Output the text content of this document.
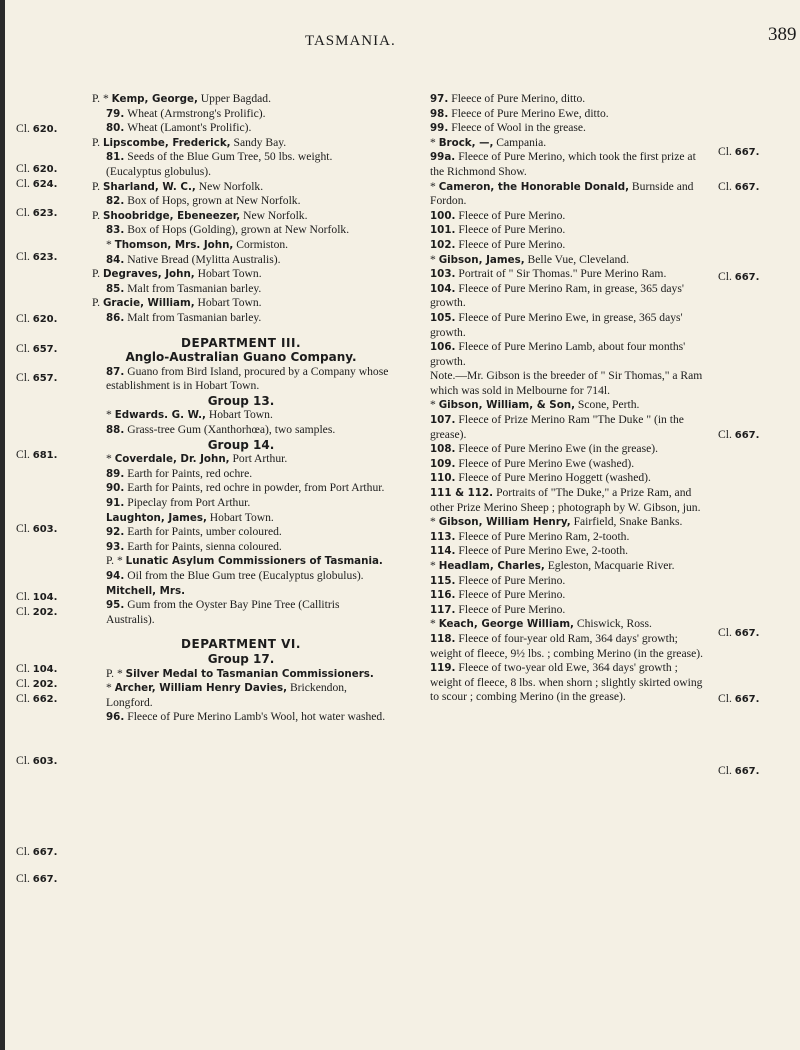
TASMANIA.	389
Cl. 620.
Cl. 620.
Cl. 624.
Cl. 623.
Cl. 623.
Cl. 620.
Cl. 657.
Cl. 657.
Cl. 681.
Cl. 603.
Cl. 104.
Cl. 202.
Cl. 104.
Cl. 202.
Cl. 662.
Cl. 603.
Cl. 667.
Cl. 667.
Cl. 667.
Cl. 667.
Cl. 667.
Cl. 667.
Cl. 667.
Cl. 667.
Cl. 667.

P. * Kemp, George, Upper Bagdad.

79. Wheat (Armstrong's Prolific).

80. Wheat (Lamont's Prolific).

P. Lipscombe, Frederick, Sandy Bay.

81. Seeds of the Blue Gum Tree, 50 lbs. weight. (Eucalyptus globulus).

P. Sharland, W. C., New Norfolk.

82. Box of Hops, grown at New Norfolk.

P. Shoobridge, Ebeneezer, New Norfolk.

83. Box of Hops (Golding), grown at New Norfolk.

* Thomson, Mrs. John, Cormiston.

84. Native Bread (Mylitta Australis).

P. Degraves, John, Hobart Town.

85. Malt from Tasmanian barley.

P. Gracie, William, Hobart Town.

86. Malt from Tasmanian barley.

DEPARTMENT III.
Anglo-Australian Guano Company.

87. Guano from Bird Island, procured by a Company whose establishment is in Hobart Town.

Group 13.

* Edwards. G. W., Hobart Town.

88. Grass-tree Gum (Xanthorhœa), two samples.

Group 14.

* Coverdale, Dr. John, Port Arthur.

89. Earth for Paints, red ochre.

90. Earth for Paints, red ochre in powder, from Port Arthur.

91. Pipeclay from Port Arthur.

Laughton, James, Hobart Town.

92. Earth for Paints, umber coloured.

93. Earth for Paints, sienna coloured.

P. * Lunatic Asylum Commissioners of Tasmania.

94. Oil from the Blue Gum tree (Eucalyptus globulus).

Mitchell, Mrs.

95. Gum from the Oyster Bay Pine Tree (Callitris Australis).

DEPARTMENT VI.
Group 17.

P. * Silver Medal to Tasmanian Commissioners.

* Archer, William Henry Davies, Brickendon, Longford.

96. Fleece of Pure Merino Lamb's Wool, hot water washed.

97. Fleece of Pure Merino, ditto.

98. Fleece of Pure Merino Ewe, ditto.

99. Fleece of Wool in the grease.

* Brock, —, Campania.

99a. Fleece of Pure Merino, which took the first prize at the Richmond Show.

* Cameron, the Honorable Donald, Burnside and Fordon.

100. Fleece of Pure Merino.

101. Fleece of Pure Merino.

102. Fleece of Pure Merino.

* Gibson, James, Belle Vue, Cleveland.

103. Portrait of " Sir Thomas." Pure Merino Ram.

104. Fleece of Pure Merino Ram, in grease, 365 days' growth.

105. Fleece of Pure Merino Ewe, in grease, 365 days' growth.

106. Fleece of Pure Merino Lamb, about four months' growth.

Note.—Mr. Gibson is the breeder of " Sir Thomas," a Ram which was sold in Melbourne for 714l.

* Gibson, William, & Son, Scone, Perth.

107. Fleece of Prize Merino Ram "The Duke " (in the grease).

108. Fleece of Pure Merino Ewe (in the grease).

109. Fleece of Pure Merino Ewe (washed).

110. Fleece of Pure Merino Hoggett (washed).

111 & 112. Portraits of "The Duke," a Prize Ram, and other Prize Merino Sheep ; photograph by W. Gibson, jun.

* Gibson, William Henry, Fairfield, Snake Banks.

113. Fleece of Pure Merino Ram, 2-tooth.

114. Fleece of Pure Merino Ewe, 2-tooth.

* Headlam, Charles, Egleston, Macquarie River.

115. Fleece of Pure Merino.

116. Fleece of Pure Merino.

117. Fleece of Pure Merino.

* Keach, George William, Chiswick, Ross.

118. Fleece of four-year old Ram, 364 days' growth; weight of fleece, 9½ lbs. ; combing Merino (in the grease).

119. Fleece of two-year old Ewe, 364 days' growth ; weight of fleece, 8 lbs. when shorn ; slightly skirted owing to scour ; combing Merino (in the grease).
